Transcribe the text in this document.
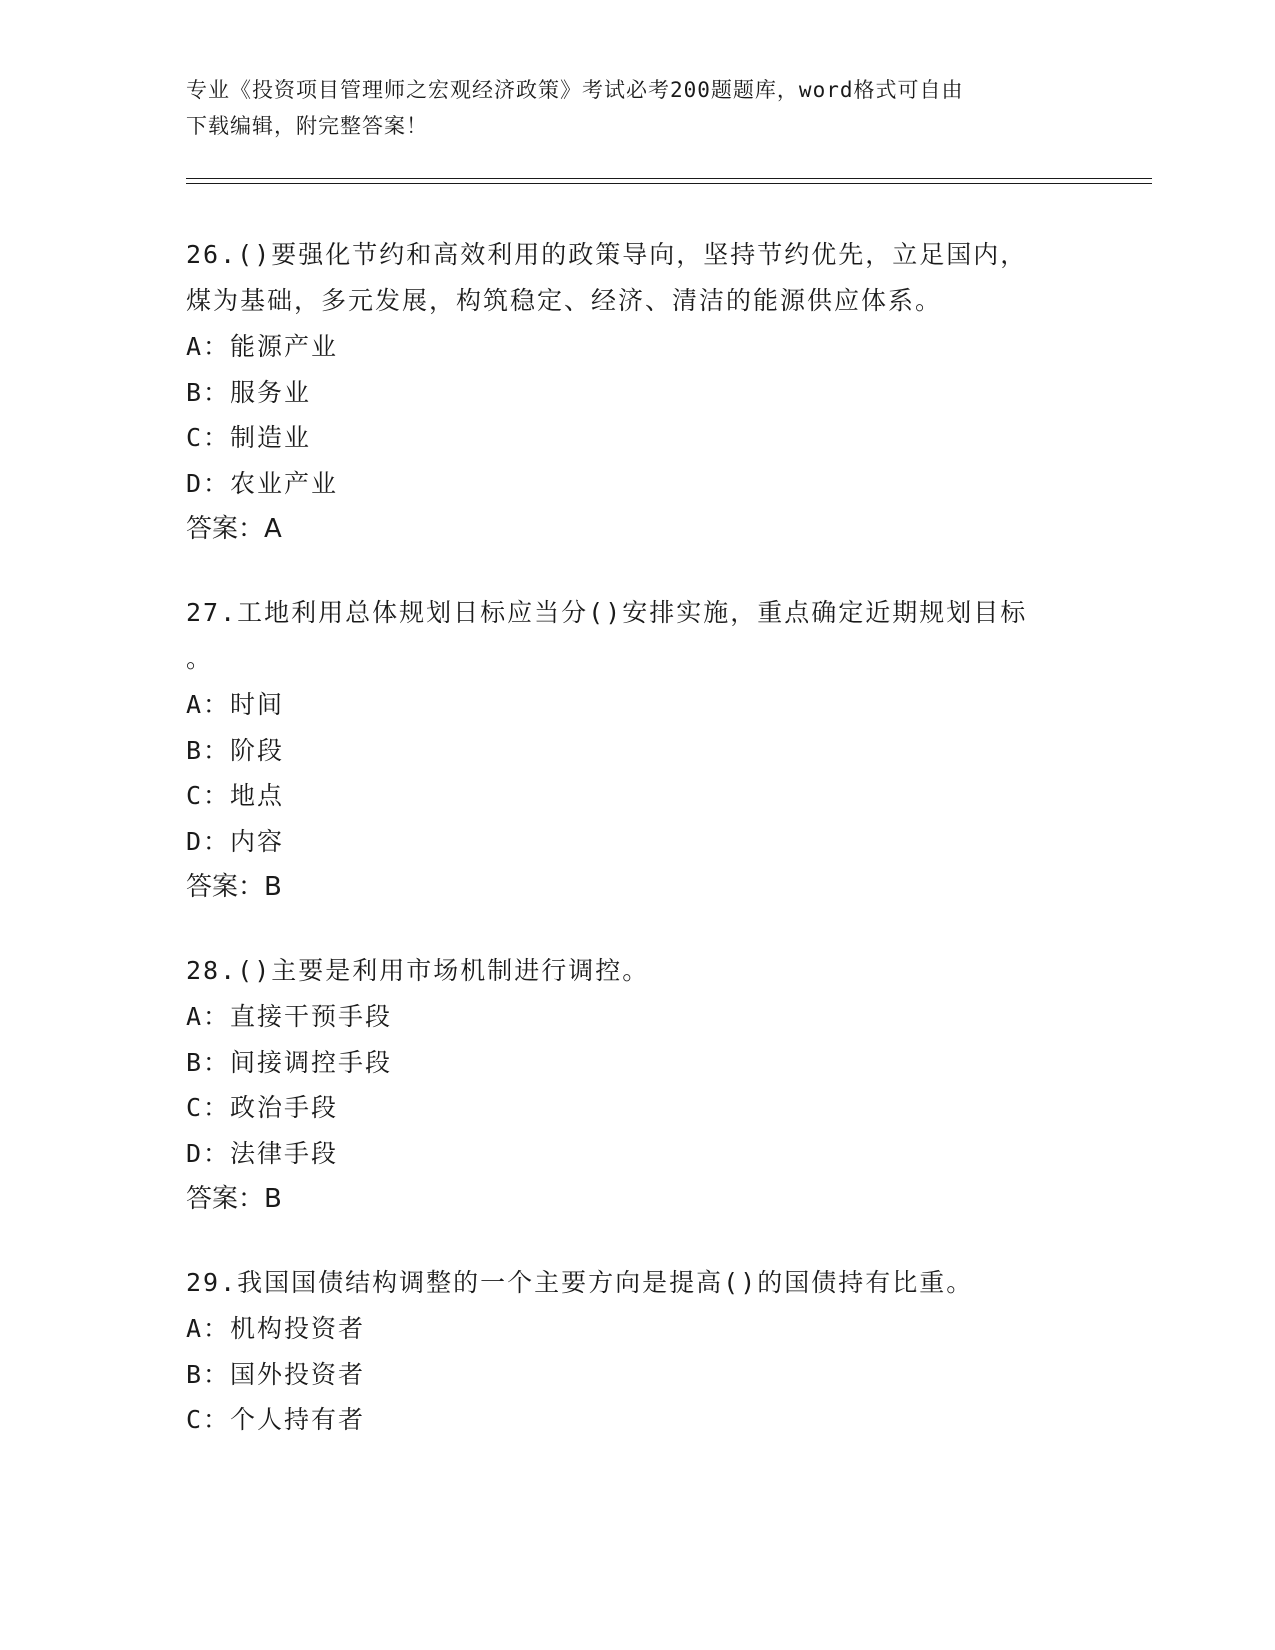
专业《投资项目管理师之宏观经济政策》考试必考200题题库，word格式可自由
下载编辑，附完整答案！
26.()要强化节约和高效利用的政策导向，坚持节约优先，立足国内，
煤为基础，多元发展，构筑稳定、经济、清洁的能源供应体系。
A：能源产业
B：服务业
C：制造业
D：农业产业
答案：A
27.工地利用总体规划日标应当分()安排实施，重点确定近期规划目标
。
A：时间
B：阶段
C：地点
D：内容
答案：B
28.()主要是利用市场机制进行调控。
A：直接干预手段
B：间接调控手段
C：政治手段
D：法律手段
答案：B
29.我国国债结构调整的一个主要方向是提高()的国债持有比重。
A：机构投资者
B：国外投资者
C：个人持有者
